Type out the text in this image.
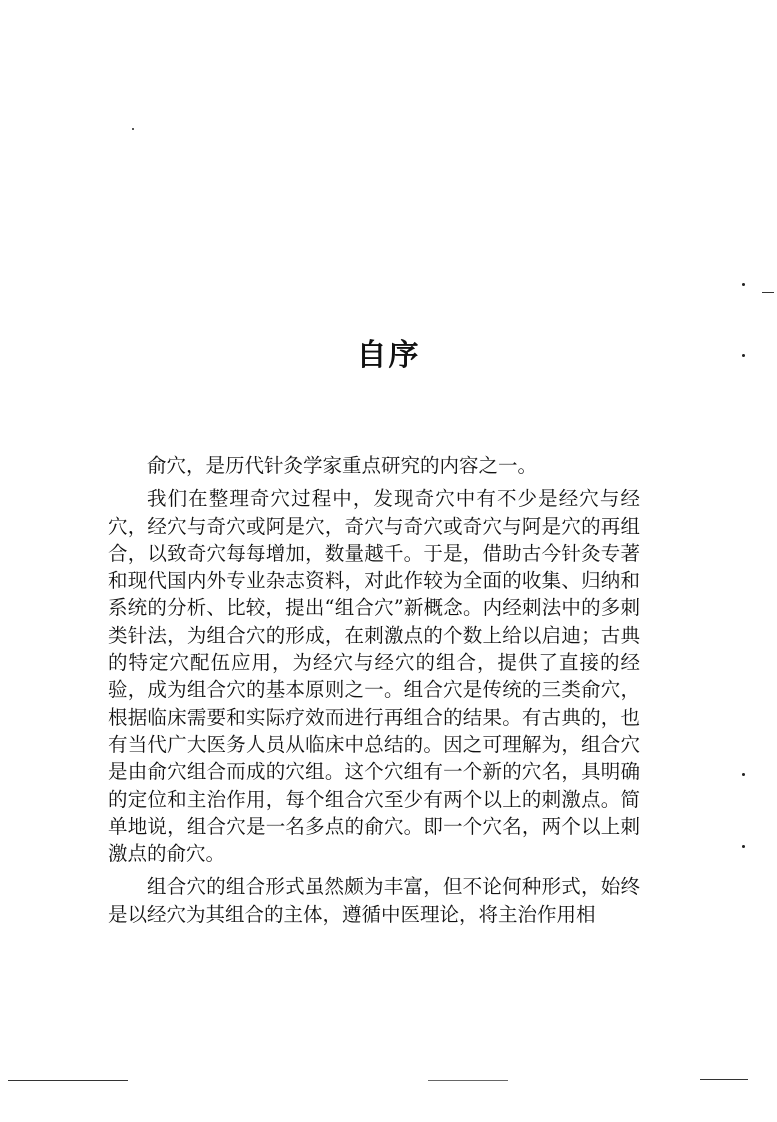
自序

俞穴，是历代针灸学家重点研究的内容之一。

我们在整理奇穴过程中，发现奇穴中有不少是经穴与经穴，经穴与奇穴或阿是穴，奇穴与奇穴或奇穴与阿是穴的再组合，以致奇穴每每增加，数量越千。于是，借助古今针灸专著和现代国内外专业杂志资料，对此作较为全面的收集、归纳和系统的分析、比较，提出“组合穴”新概念。内经刺法中的多刺类针法，为组合穴的形成，在刺激点的个数上给以启迪；古典的特定穴配伍应用，为经穴与经穴的组合，提供了直接的经验，成为组合穴的基本原则之一。组合穴是传统的三类俞穴，根据临床需要和实际疗效而进行再组合的结果。有古典的，也有当代广大医务人员从临床中总结的。因之可理解为，组合穴是由俞穴组合而成的穴组。这个穴组有一个新的穴名，具明确的定位和主治作用，每个组合穴至少有两个以上的刺激点。简单地说，组合穴是一名多点的俞穴。即一个穴名，两个以上刺激点的俞穴。

组合穴的组合形式虽然颇为丰富，但不论何种形式，始终是以经穴为其组合的主体，遵循中医理论，将主治作用相
